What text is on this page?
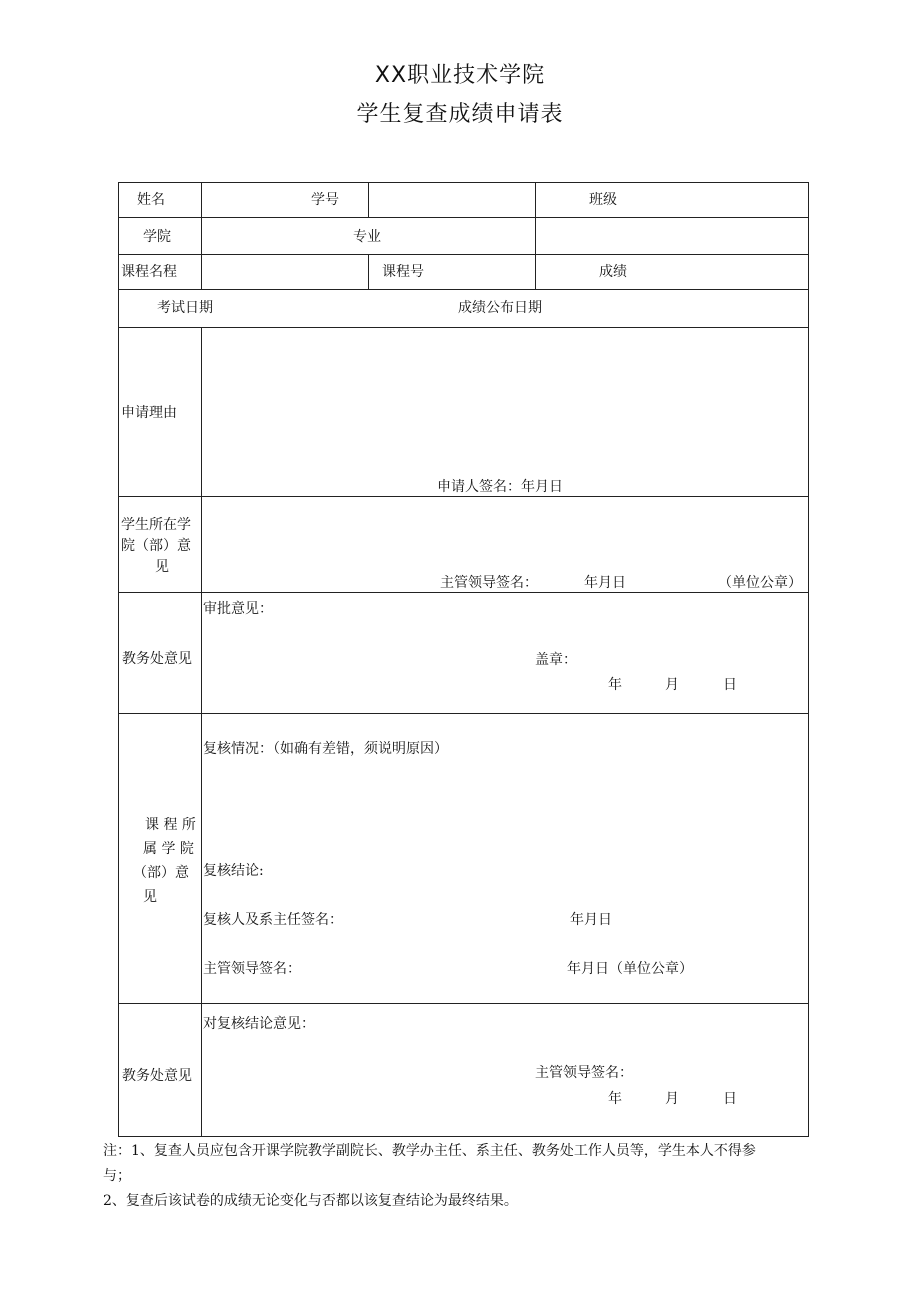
XX职业技术学院
学生复查成绩申请表
姓名	学号	班级
学院	专业
课程名程	课程号	成绩
考试日期	成绩公布日期
申请理由
申请人签名：年月日
学生所在学
院（部）意
见
主管领导签名：	年月日	（单位公章）
教务处意见
审批意见：
盖章：
年	月	日
课 程 所
属 学 院
（部）意
见
复核情况：（如确有差错，须说明原因）
复核结论:
复核人及系主任签名：	年月日
主管领导签名：	年月日（单位公章）
教务处意见
对复核结论意见：
主管领导签名：
年	月	日
注：1、复查人员应包含开课学院教学副院长、教学办主任、系主任、教务处工作人员等，学生本人不得参
与；
2、复查后该试卷的成绩无论变化与否都以该复查结论为最终结果。
